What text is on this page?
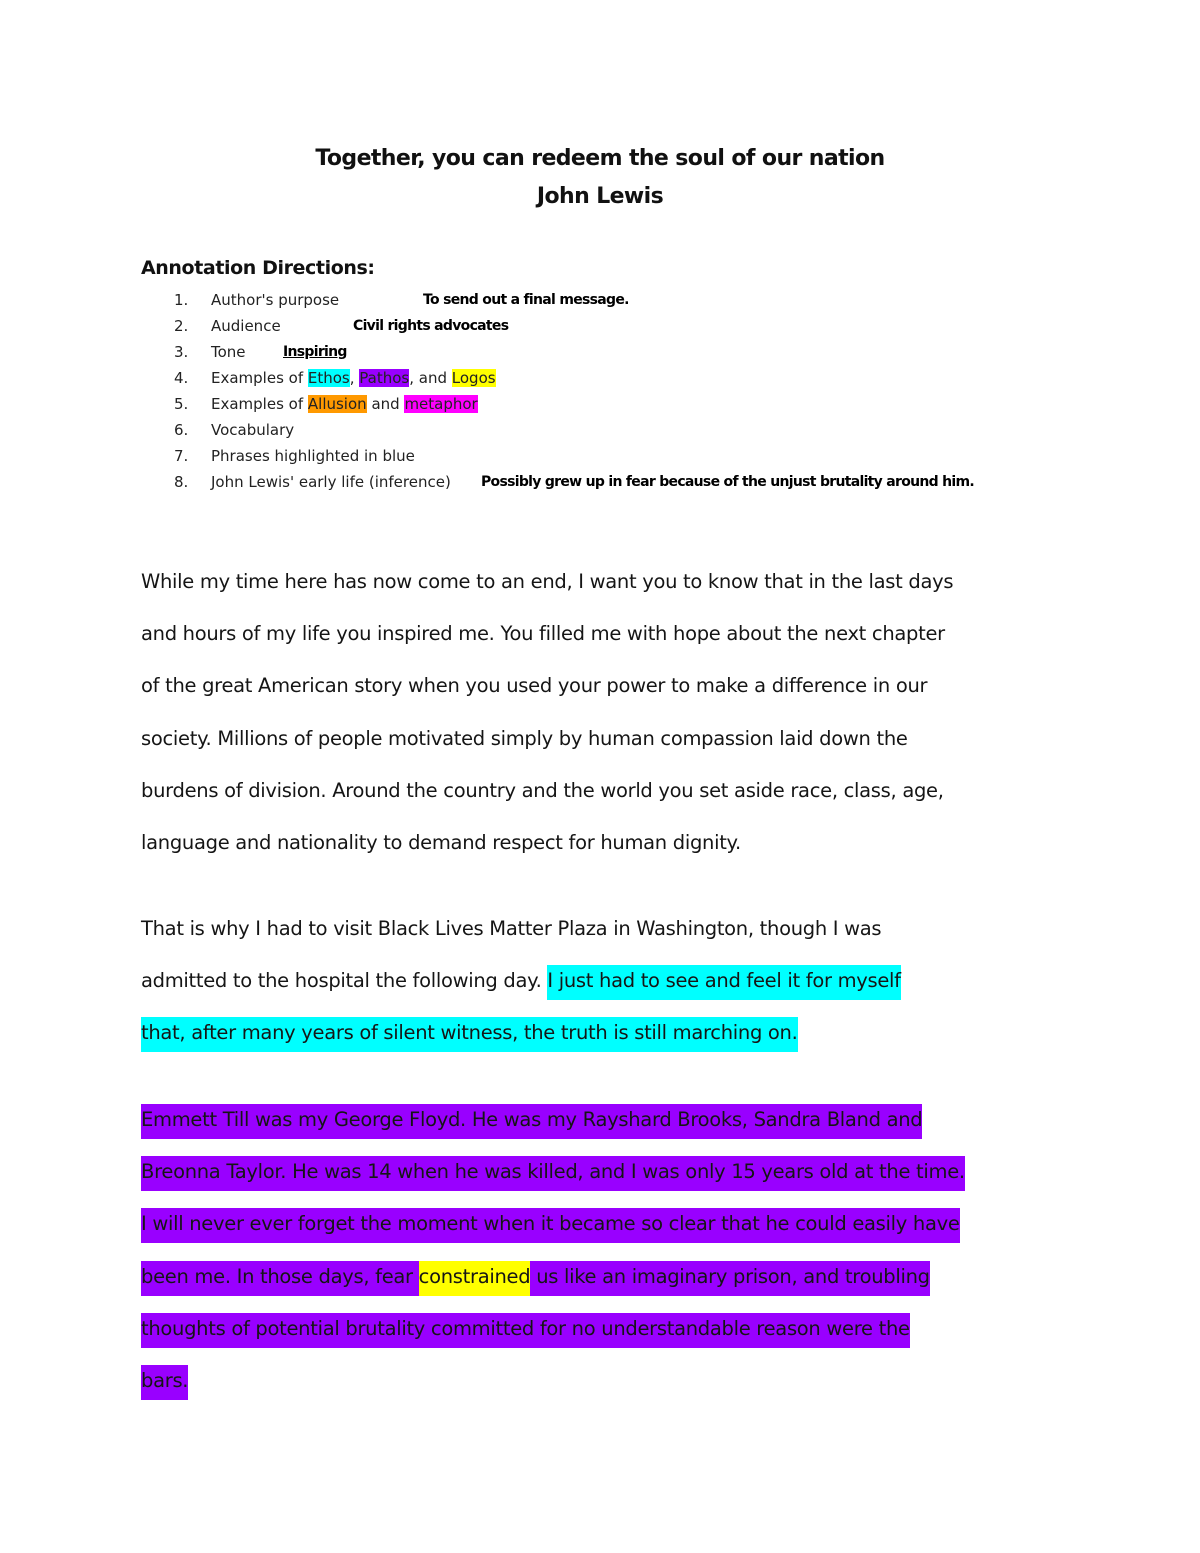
Together, you can redeem the soul of our nation
John Lewis
Annotation Directions:
1.	Author's purpose	To send out a final message.
2.	Audience	Civil rights advocates
3.	Tone	Inspiring
4.	Examples of Ethos, Pathos, and Logos
5.	Examples of Allusion and metaphor
6.	Vocabulary
7.	Phrases highlighted in blue
8.	John Lewis' early life (inference) Possibly grew up in fear because of the unjust brutality around him.
While my time here has now come to an end, I want you to know that in the last days
and hours of my life you inspired me. You filled me with hope about the next chapter
of the great American story when you used your power to make a difference in our
society. Millions of people motivated simply by human compassion laid down the
burdens of division. Around the country and the world you set aside race, class, age,
language and nationality to demand respect for human dignity.
That is why I had to visit Black Lives Matter Plaza in Washington, though I was
admitted to the hospital the following day. I just had to see and feel it for myself
that, after many years of silent witness, the truth is still marching on.
Emmett Till was my George Floyd. He was my Rayshard Brooks, Sandra Bland and
Breonna Taylor. He was 14 when he was killed, and I was only 15 years old at the time.
I will never ever forget the moment when it became so clear that he could easily have
been me. In those days, fear constrained us like an imaginary prison, and troubling
thoughts of potential brutality committed for no understandable reason were the
bars.
